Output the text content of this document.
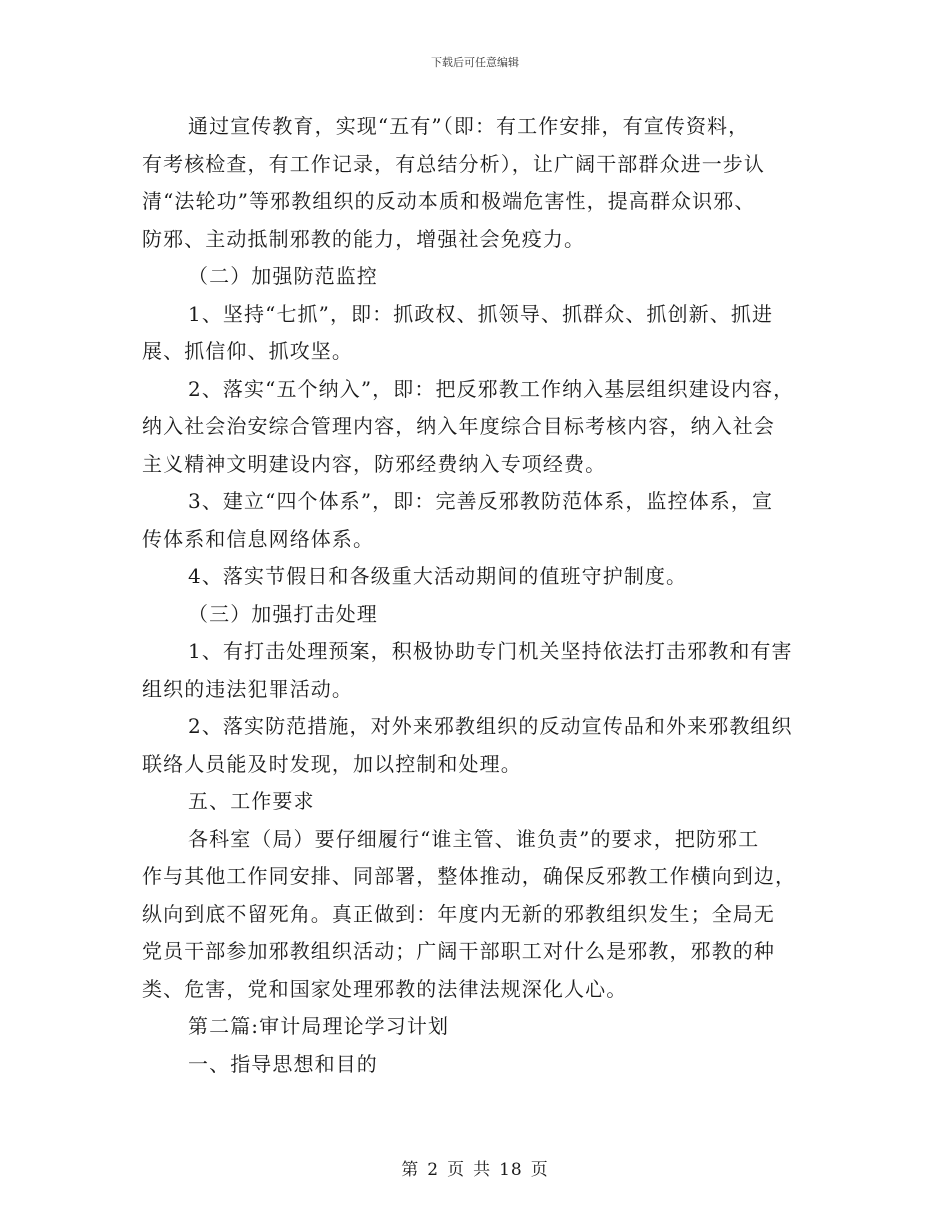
下载后可任意编辑

通过宣传教育，实现“五有”（即：有工作安排，有宣传资料，

有考核检查，有工作记录，有总结分析），让广阔干部群众进一步认

清“法轮功”等邪教组织的反动本质和极端危害性，提高群众识邪、

防邪、主动抵制邪教的能力，增强社会免疫力。

（二）加强防范监控

1、坚持“七抓”，即：抓政权、抓领导、抓群众、抓创新、抓进

展、抓信仰、抓攻坚。

2、落实“五个纳入”，即：把反邪教工作纳入基层组织建设内容，

纳入社会治安综合管理内容，纳入年度综合目标考核内容，纳入社会

主义精神文明建设内容，防邪经费纳入专项经费。

3、建立“四个体系”，即：完善反邪教防范体系，监控体系，宣

传体系和信息网络体系。

4、落实节假日和各级重大活动期间的值班守护制度。

（三）加强打击处理

1、有打击处理预案，积极协助专门机关坚持依法打击邪教和有害

组织的违法犯罪活动。

2、落实防范措施，对外来邪教组织的反动宣传品和外来邪教组织

联络人员能及时发现，加以控制和处理。

五、工作要求

各科室（局）要仔细履行“谁主管、谁负责”的要求，把防邪工

作与其他工作同安排、同部署，整体推动，确保反邪教工作横向到边，

纵向到底不留死角。真正做到：年度内无新的邪教组织发生；全局无

党员干部参加邪教组织活动；广阔干部职工对什么是邪教，邪教的种

类、危害，党和国家处理邪教的法律法规深化人心。

第二篇:审计局理论学习计划

一、指导思想和目的

第 2 页 共 18 页
